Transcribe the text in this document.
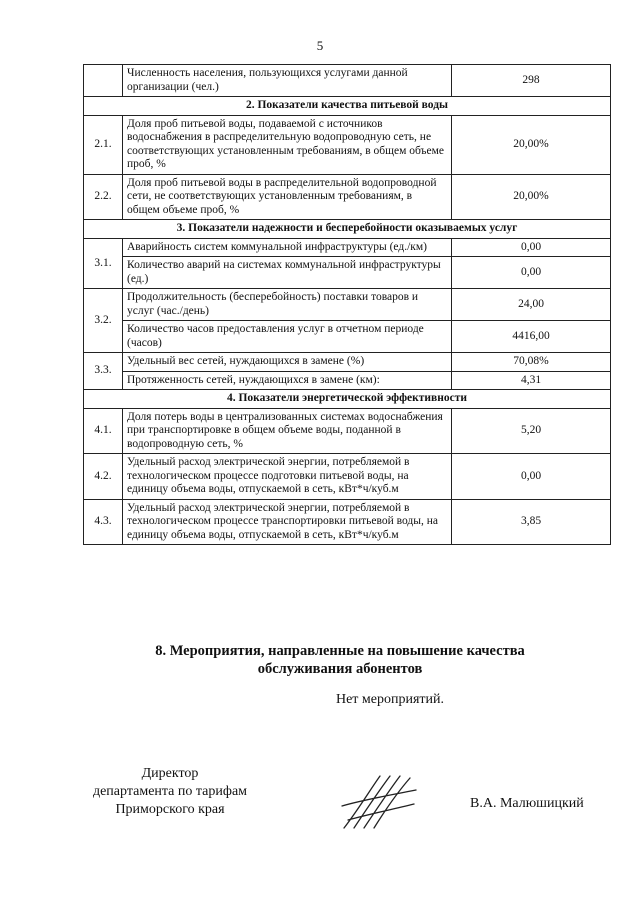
5
	Численность населения, пользующихся услугами данной организации (чел.)	298
2. Показатели качества питьевой воды		
2.1.	Доля проб питьевой воды, подаваемой с источников водоснабжения в распределительную водопроводную сеть, не соответствующих установленным требованиям, в общем объеме проб, %	20,00%
2.2.	Доля проб питьевой воды в распределительной водопроводной сети, не соответствующих установленным требованиям, в общем объеме проб, %	20,00%
3. Показатели надежности и бесперебойности оказываемых услуг		
3.1.	Аварийность систем коммунальной инфраструктуры (ед./км)	0,00
	Количество аварий на системах коммунальной инфраструктуры (ед.)	0,00
3.2.	Продолжительность (бесперебойность) поставки товаров и услуг (час./день)	24,00
	Количество часов предоставления услуг в отчетном периоде (часов)	4416,00
3.3.	Удельный вес сетей, нуждающихся в замене (%)	70,08%
	Протяженность сетей, нуждающихся в замене (км):	4,31
4. Показатели энергетической эффективности		
4.1.	Доля потерь воды в централизованных системах водоснабжения при транспортировке в общем объеме воды, поданной в водопроводную сеть, %	5,20
4.2.	Удельный расход электрической энергии, потребляемой в технологическом процессе подготовки питьевой воды, на единицу объема воды, отпускаемой в сеть, кВт*ч/куб.м	0,00
4.3.	Удельный расход электрической энергии, потребляемой в технологическом процессе транспортировки питьевой воды, на единицу объема воды, отпускаемой в сеть, кВт*ч/куб.м	3,85
8. Мероприятия, направленные на повышение качества обслуживания абонентов
Нет мероприятий.
Директор
департамента по тарифам
Приморского края	В.А. Малюшицкий
